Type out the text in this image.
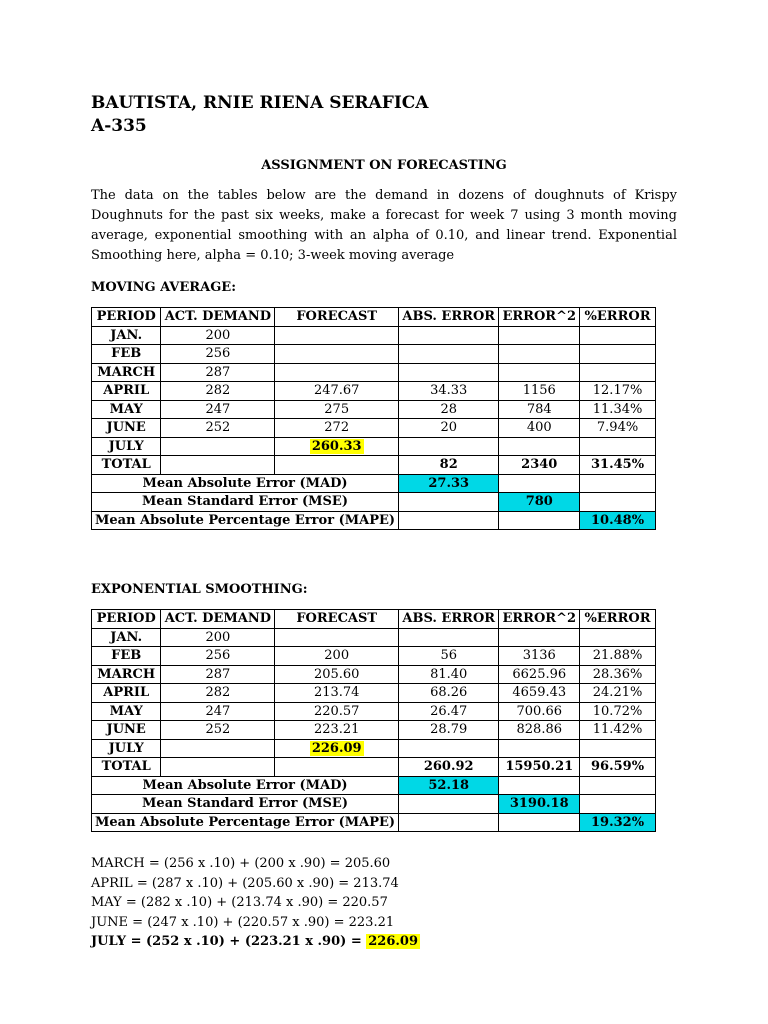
BAUTISTA, RNIE RIENA SERAFICA

A-335

ASSIGNMENT ON FORECASTING

The data on the tables below are the demand in dozens of doughnuts of Krispy Doughnuts for the past six weeks, make a forecast for week 7 using 3 month moving average, exponential smoothing with an alpha of 0.10, and linear trend. Exponential Smoothing here, alpha = 0.10; 3-week moving average

MOVING AVERAGE:
PERIOD	ACT. DEMAND	FORECAST	ABS. ERROR	ERROR^2	%ERROR
JAN.	200				
FEB	256				
MARCH	287				
APRIL	282	247.67	34.33	1156	12.17%
MAY	247	275	28	784	11.34%
JUNE	252	272	20	400	7.94%
JULY		260.33			
TOTAL			82	2340	31.45%
Mean Absolute Error (MAD)			27.33		
Mean Standard Error (MSE)				780	
Mean Absolute Percentage Error (MAPE)					10.48%
EXPONENTIAL SMOOTHING:
PERIOD	ACT. DEMAND	FORECAST	ABS. ERROR	ERROR^2	%ERROR
JAN.	200				
FEB	256	200	56	3136	21.88%
MARCH	287	205.60	81.40	6625.96	28.36%
APRIL	282	213.74	68.26	4659.43	24.21%
MAY	247	220.57	26.47	700.66	10.72%
JUNE	252	223.21	28.79	828.86	11.42%
JULY		226.09			
TOTAL			260.92	15950.21	96.59%
Mean Absolute Error (MAD)			52.18		
Mean Standard Error (MSE)				3190.18	
Mean Absolute Percentage Error (MAPE)					19.32%
MARCH = (256 x .10) + (200 x .90) = 205.60
APRIL = (287 x .10) + (205.60 x .90) = 213.74
MAY = (282 x .10) + (213.74 x .90) = 220.57
JUNE = (247 x .10) + (220.57 x .90) = 223.21
JULY = (252 x .10) + (223.21 x .90) = 226.09
